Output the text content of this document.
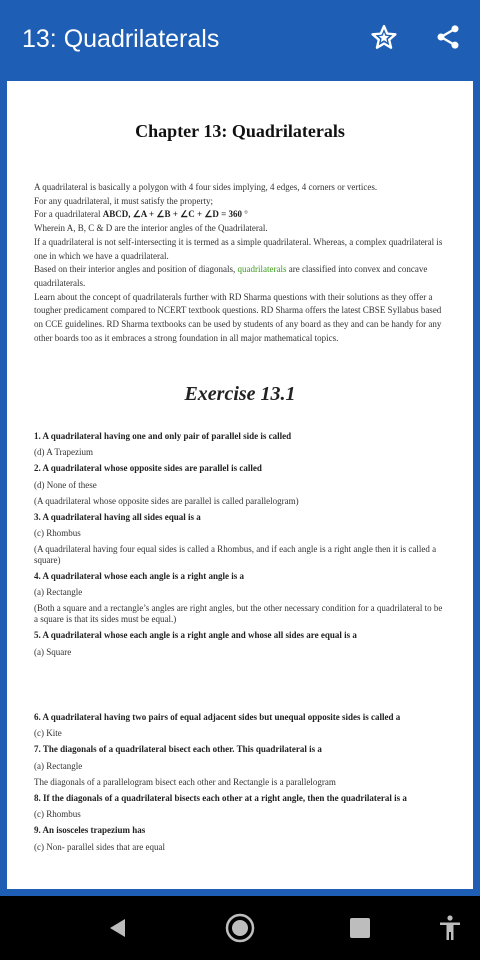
13: Quadrilaterals
Chapter 13: Quadrilaterals

A quadrilateral is basically a polygon with 4 four sides implying, 4 edges, 4 corners or vertices.

For any quadrilateral, it must satisfy the property;

For a quadrilateral ABCD, ∠A + ∠B + ∠C + ∠D = 360 °

Wherein A, B, C & D are the interior angles of the Quadrilateral.

If a quadrilateral is not self-intersecting it is termed as a simple quadrilateral. Whereas, a complex quadrilateral is one in which we have a quadrilateral.

Based on their interior angles and position of diagonals, quadrilaterals are classified into convex and concave quadrilaterals.

Learn about the concept of quadrilaterals further with RD Sharma questions with their solutions as they offer a tougher predicament compared to NCERT textbook questions. RD Sharma offers the latest CBSE Syllabus based on CCE guidelines. RD Sharma textbooks can be used by students of any board as they and can be handy for any other boards too as it embraces a strong foundation in all major mathematical topics.

Exercise 13.1
1. A quadrilateral having one and only pair of parallel side is called
(d) A Trapezium
2. A quadrilateral whose opposite sides are parallel is called
(d) None of these
(A quadrilateral whose opposite sides are parallel is called parallelogram)
3. A quadrilateral having all sides equal is a
(c) Rhombus
(A quadrilateral having four equal sides is called a Rhombus, and if each angle is a right angle then it is called a square)
4. A quadrilateral whose each angle is a right angle is a
(a) Rectangle
(Both a square and a rectangle’s angles are right angles, but the other necessary condition for a quadrilateral to be a square is that its sides must be equal.)
5. A quadrilateral whose each angle is a right angle and whose all sides are equal is a
(a) Square
6. A quadrilateral having two pairs of equal adjacent sides but unequal opposite sides is called a
(c) Kite
7. The diagonals of a quadrilateral bisect each other. This quadrilateral is a
(a) Rectangle
The diagonals of a parallelogram bisect each other and Rectangle is a parallelogram
8. If the diagonals of a quadrilateral bisects each other at a right angle, then the quadrilateral is a
(c) Rhombus
9. An isosceles trapezium has
(c) Non- parallel sides that are equal
